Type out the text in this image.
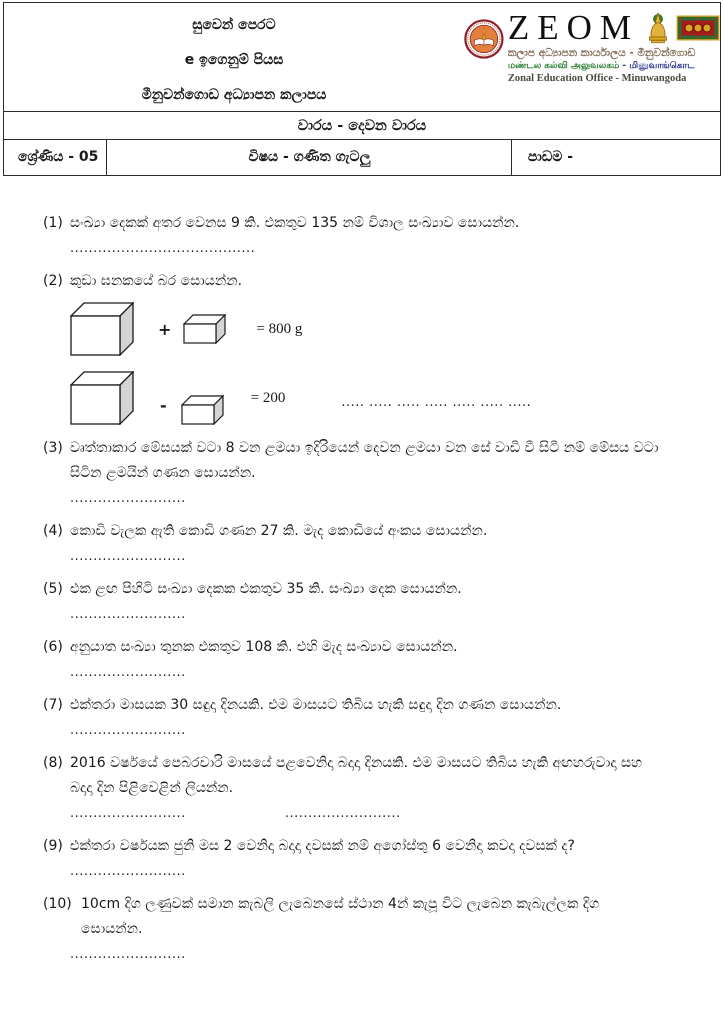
සුවෙන් පෙරට
e ඉගෙනුම් පියස
මීනුවන්ගොඩ අධ්‍යාපන කලාපය
ZEOM
කලාප අධ්‍යාපන කාර්යාලය - මීනුවන්ගොඩ
மண்டல கல்வி அலுவலகம் - மினுவாங்கொட
Zonal Education Office - Minuwangoda
වාරය - දෙවන වාරය
ශ්‍රේණිය - 05	විෂය - ගණිත ගැටලු	පාඩම -
(1) සංඛ්‍යා දෙකක් අතර වෙනස 9 කි. එකතුව 135 නම් විශාල සංඛ්‍යාව සොයන්න.
........................................
(2) කුඩා ඝනකයේ බර සොයන්න.
+	= 800 g
-	= 200	..... ..... ..... ..... ..... ..... .....
(3) වෘත්තාකාර මේසයක් වටා 8 වන ළමයා ඉදිරියෙන් දෙවන ළමයා වන සේ වාඩි වී සිටී නම් මේසය වටා
සිටින ළමයින් ගණන සොයන්න.
.........................
(4) කොඩි වැලක ඇති කොඩි ගණන 27 කි. මැද කොඩියේ අංකය සොයන්න.
.........................
(5) එක ළඟ පිහිටි සංඛ්‍යා දෙකක එකතුව 35 කි. සංඛ්‍යා දෙක සොයන්න.
.........................
(6) අනුයාත සංඛ්‍යා තුනක එකතුව 108 කි. එහි මැද සංඛ්‍යාව සොයන්න.
.........................
(7) එක්තරා මාසයක 30 සඳුදා දිනයකි. එම මාසයට තිබිය හැකි සඳුදා දින ගණන සොයන්න.
.........................
(8) 2016 වර්ෂයේ පෙබරවාරි මාසයේ පළවෙනිදා බදාදා දිනයකි. එම මාසයට තිබිය හැකි අඟහරුවාදා සහ
බදාදා දින පිළිවෙළින් ලියන්න.
.........................	.........................
(9) එක්තරා වර්ෂයක ජුනි මස 2 වෙනිදා බදාදා දවසක් නම් අගෝස්තු 6 වෙනිදා කවදා දවසක් ද?
.........................
(10) 10cm දිග ලණුවක් සමාන කැබලි ලැබෙනසේ ස්ථාන 4න් කැපූ විට ලැබෙන කැබැල්ලක දිග
සොයන්න.
.........................
